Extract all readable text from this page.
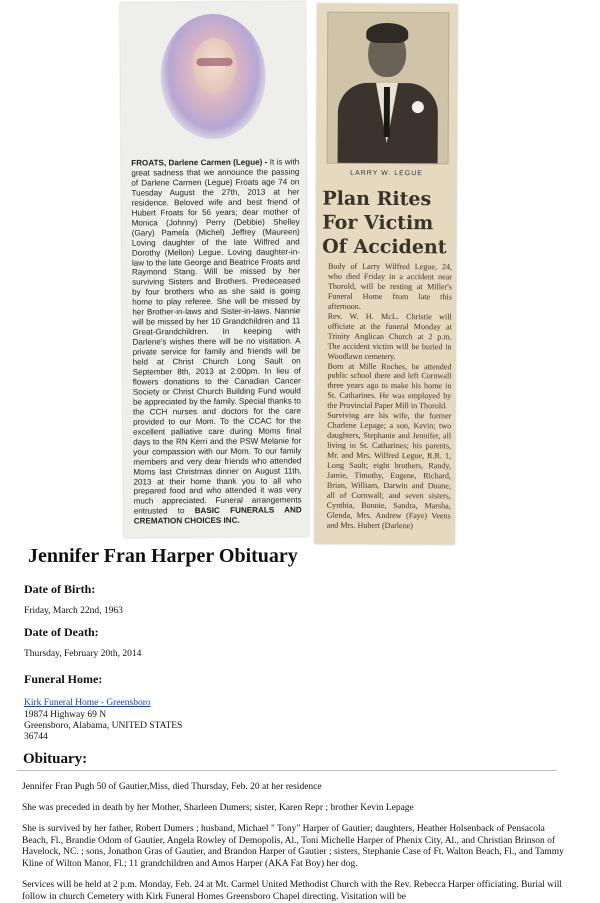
FROATS, Darlene Carmen (Legue) - It is with great sadness that we announce the passing of Darlene Carmen (Legue) Froats age 74 on Tuesday August the 27th, 2013 at her residence. Beloved wife and best friend of Hubert Froats for 56 years; dear mother of Monica (Johnny) Perry (Debbie) Shelley (Gary) Pamela (Michel) Jeffrey (Maureen) Loving daughter of the late Wilfred and Dorothy (Mellon) Legue. Loving daughter-in-law to the late George and Beatrice Froats and Raymond Stang. Will be missed by her surviving Sisters and Brothers. Predeceased by four brothers who as she said is going home to play referee. She will be missed by her Brother-in-laws and Sister-in-laws. Nannie will be missed by her 10 Grandchildren and 11 Great-Grandchildren. In keeping with Darlene's wishes there will be no visitation. A private service for family and friends will be held at Christ Church Long Sault on September 8th, 2013 at 2:00pm. In lieu of flowers donations to the Canadian Cancer Society or Christ Church Building Fund would be appreciated by the family. Special thanks to the CCH nurses and doctors for the care provided to our Mom. To the CCAC for the excellent palliative care during Moms final days to the RN Kerri and the PSW Melanie for your compassion with our Mom. To our family members and very dear friends who attended Moms last Christmas dinner on August 11th, 2013 at their home thank you to all who prepared food and who attended it was very much appreciated. Funeral arrangements entrusted to BASIC FUNERALS AND CREMATION CHOICES INC.
LARRY W. LEGUE
Plan Rites
For Victim
Of Accident
Body of Larry Wilfred Legue, 24, who died Friday in a accident near Thorold, will be resting at Miller's Funeral Home from late this afternoon.
Rev. W. H. McL. Christie will officiate at the funeral Monday at Trinity Anglican Church at 2 p.m. The accident victim will be buried in Woodlawn cemetery.
Born at Mille Roches, he attended public school there and left Cornwall three years ago to make his home in St. Catharines. He was employed by the Provincial Paper Mill in Thorold.
Surviving are his wife, the former Charlene Lepage; a son, Kevin; two daughters, Stephanie and Jennifer, all living in St. Catharines; his parents, Mr. and Mrs. Wilfred Legue, R.R. 1, Long Sault; eight brothers, Randy, Jamie, Timothy, Eugene, Richard, Brian, William, Darwin and Duane, all of Cornwall; and seven sisters, Cynthia, Bonnie, Sandra, Marsha, Glenda, Mrs. Andrew (Faye) Veens and Mrs. Hubert (Darlene)
Jennifer Fran Harper Obituary
Date of Birth:
Friday, March 22nd, 1963
Date of Death:
Thursday, February 20th, 2014
Funeral Home:
Kirk Funeral Home - Greensboro
19874 Highway 69 N
Greensboro, Alabama, UNITED STATES
36744
Obituary:
Jennifer Fran Pugh 50 of Gautier,Miss, died Thursday, Feb. 20 at her residence
She was preceded in death by her Mother, Sharleen Dumers; sister, Karen Repr ; brother Kevin Lepage
She is survived by her father, Robert Dumers ; husband, Michael " Tony" Harper of Gautier; daughters, Heather Holsenback of Pensacola Beach, Fl., Brandie Odom of Gautier, Angela Rowley of Demopolis, Al., Toni Michelle Harper of Phenix City, Al., and Christian Brinson of Havelock, NC. ; sons, Jonathon Gras of Gautier, and Brandon Harper of Gautier ; sisters, Stephanie Case of Ft. Walton Beach, Fl., and Tammy Kline of Wilton Manor, Fl.; 11 grandchildren and Amos Harper (AKA Fat Boy) her dog.
Services will be held at 2 p.m. Monday, Feb. 24 at Mt. Carmel United Methodist Church with the Rev. Rebecca Harper officiating. Burial will follow in church Cemetery with Kirk Funeral Homes Greensboro Chapel directing. Visitation will be
